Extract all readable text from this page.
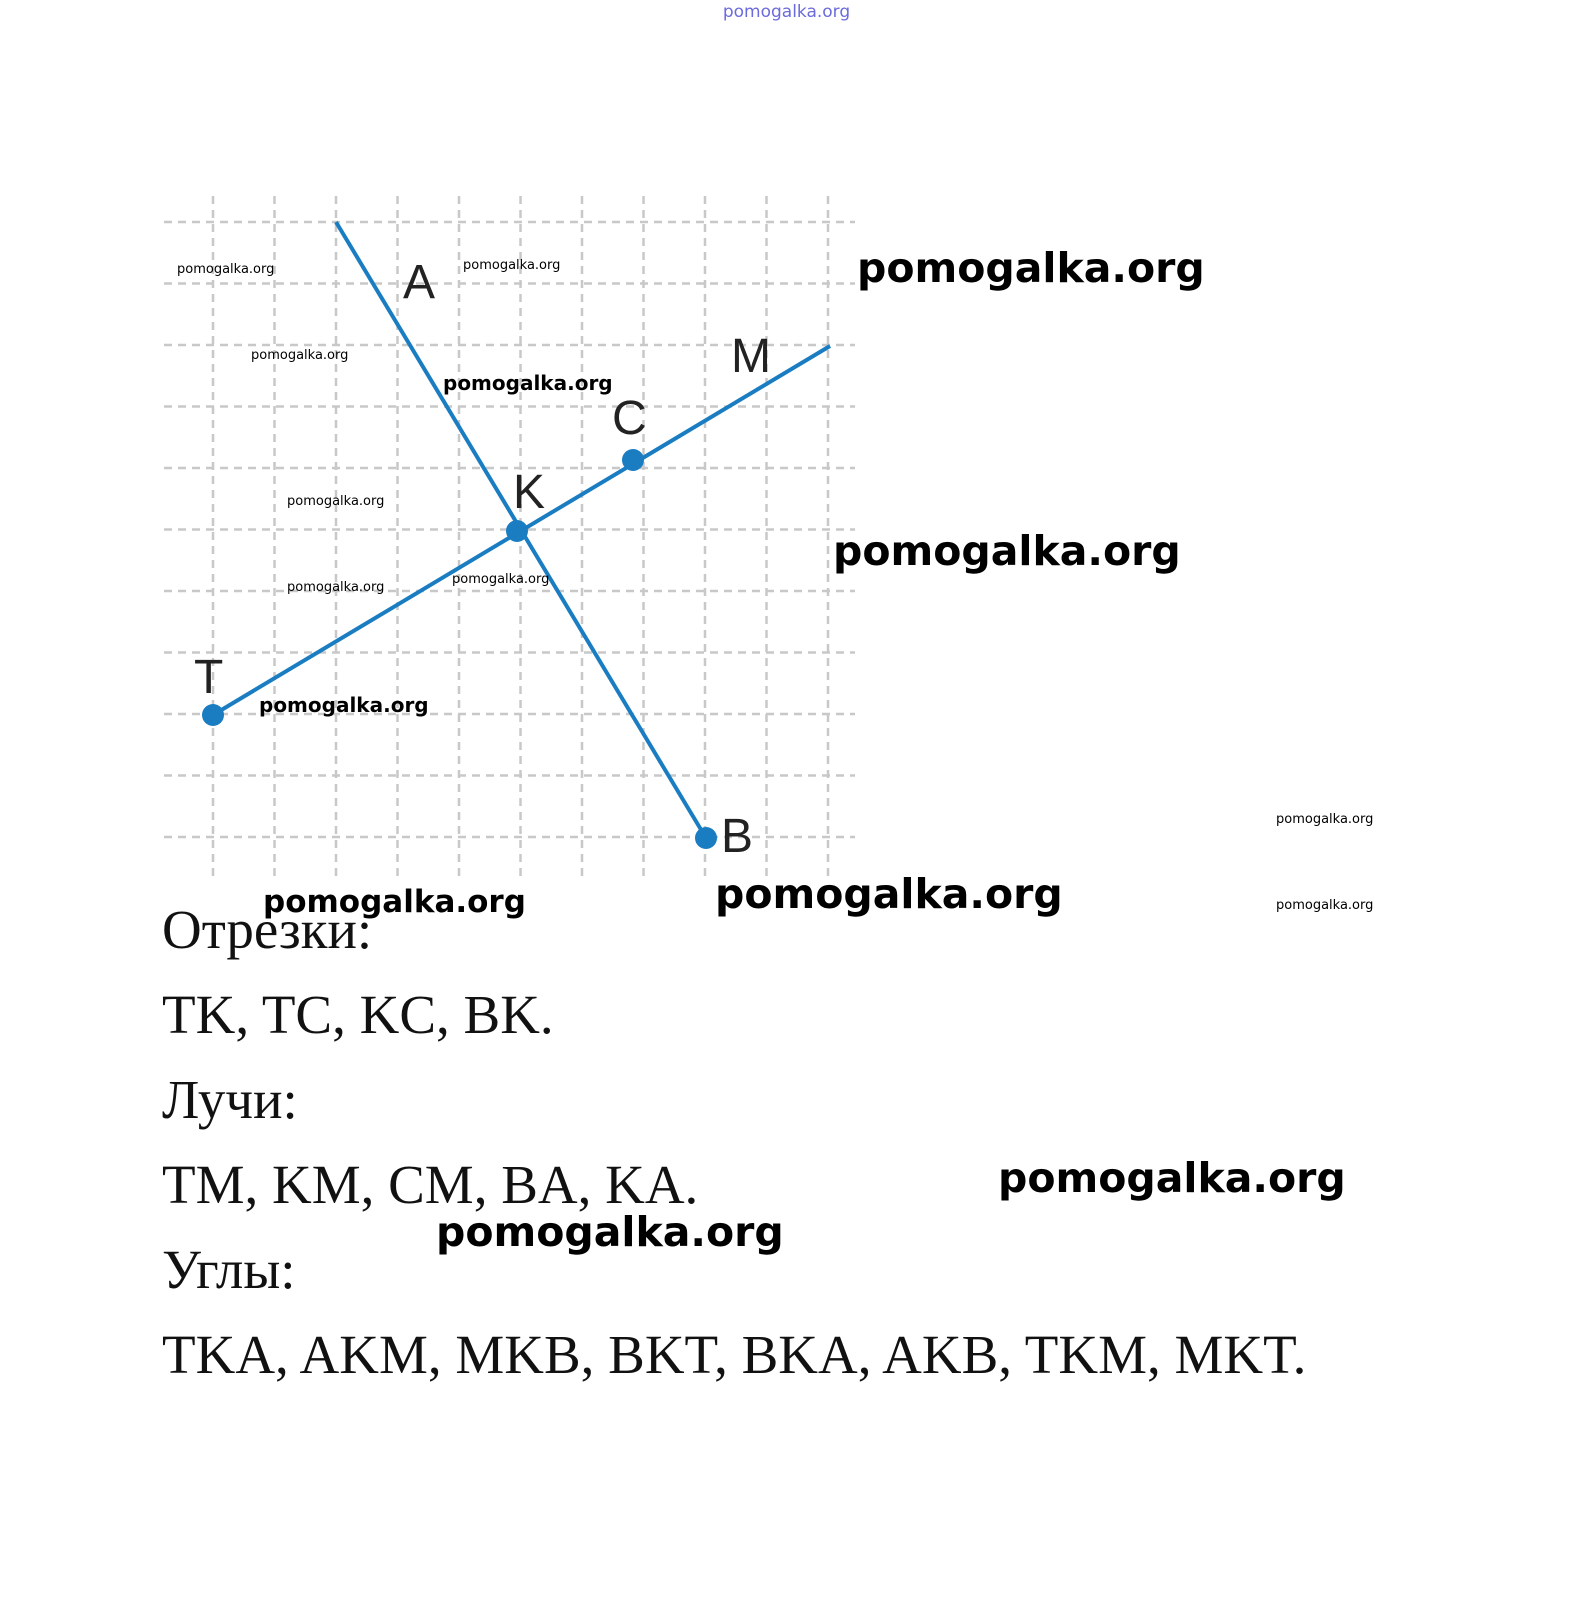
pomogalka.org
A
M
C
K
T
B
pomogalka.org	pomogalka.org	pomogalka.org
pomogalka.org
pomogalka.org
pomogalka.org
pomogalka.org
pomogalka.org
pomogalka.org
pomogalka.org
pomogalka.org
pomogalka.org	pomogalka.org
Отрезки:
pomogalka.org
TK, TC, KC, BK.
Лучи:
TM, KM, CM, BA, KA.	pomogalka.org
Углы:
pomogalka.org
TKA, AKM, MKB, BKT, BKA, AKB, TKM, MKT.
